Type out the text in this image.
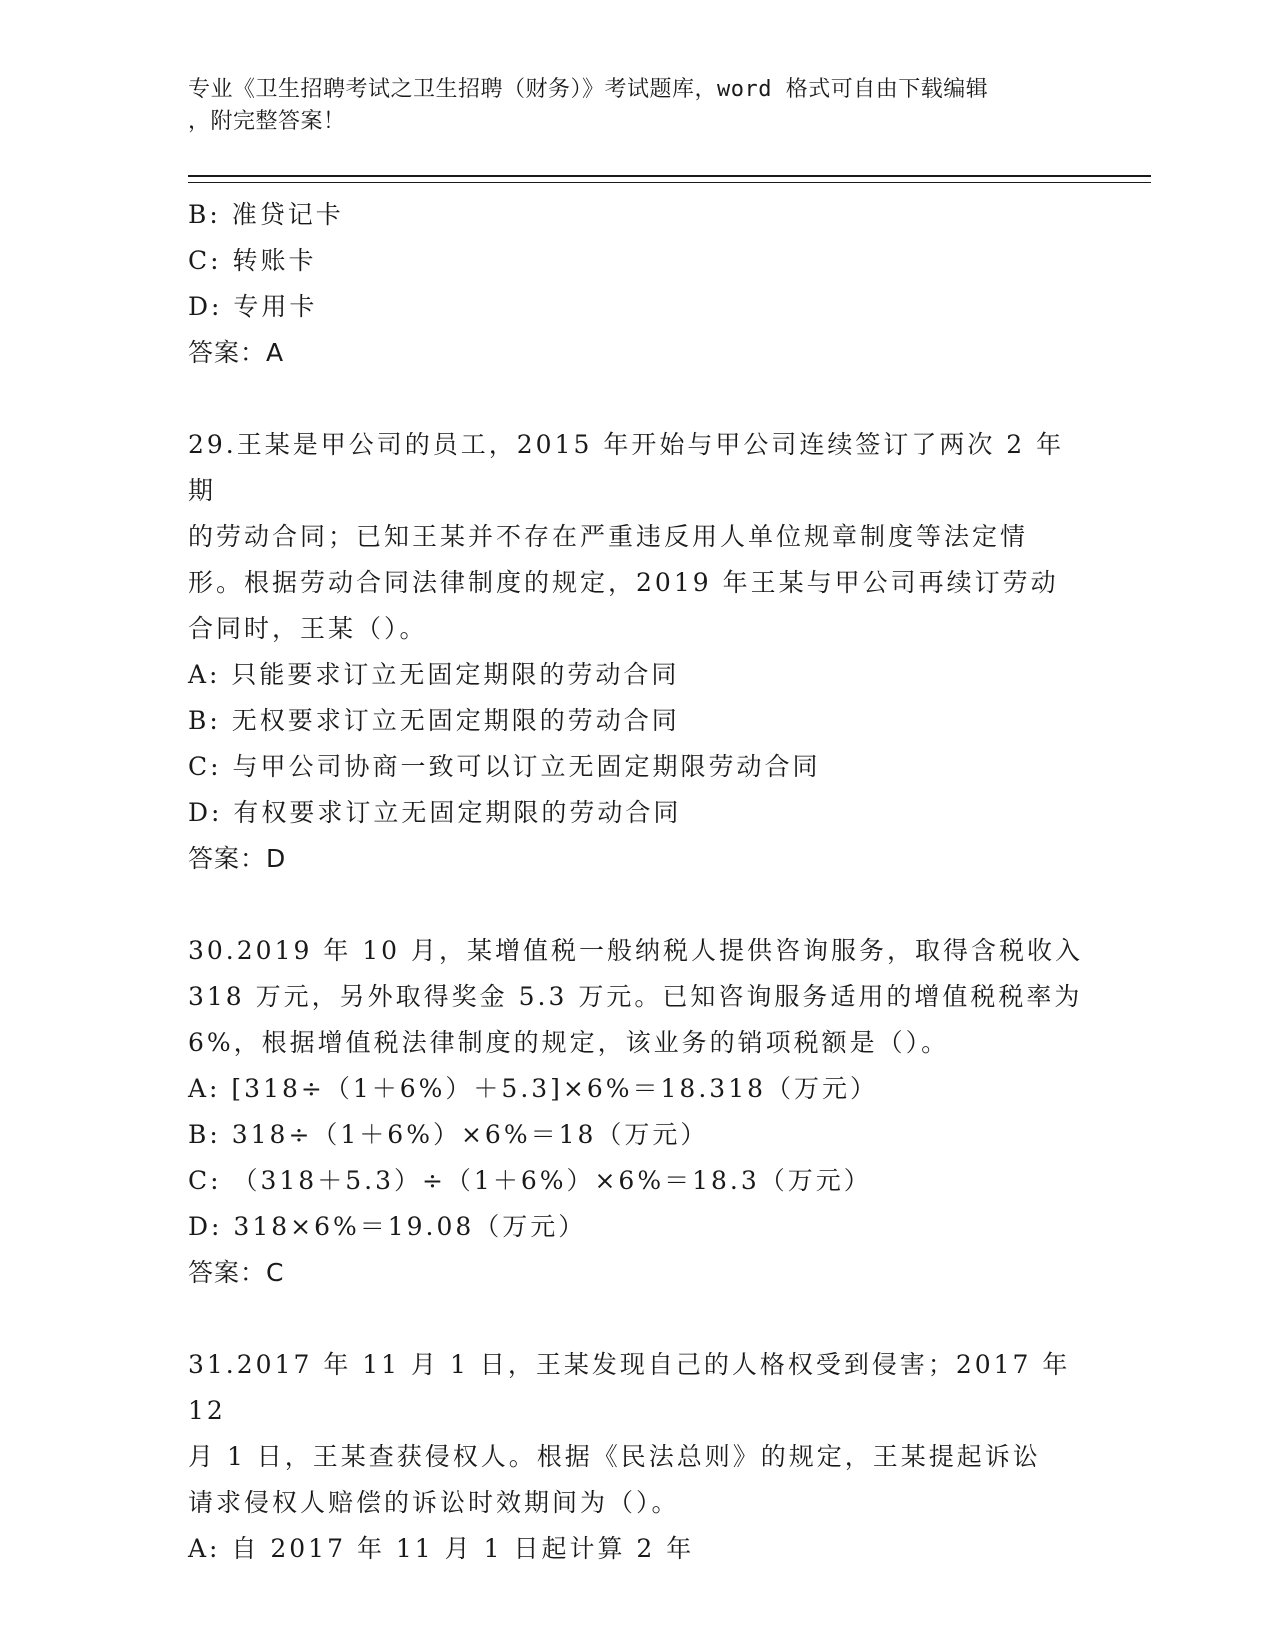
专业《卫生招聘考试之卫生招聘（财务）》考试题库，word 格式可自由下载编辑
，附完整答案！
B: 准贷记卡
C: 转账卡
D: 专用卡
答案：A
29.王某是甲公司的员工，2015 年开始与甲公司连续签订了两次 2 年期
的劳动合同；已知王某并不存在严重违反用人单位规章制度等法定情
形。根据劳动合同法律制度的规定，2019 年王某与甲公司再续订劳动
合同时，王某（）。
A: 只能要求订立无固定期限的劳动合同
B: 无权要求订立无固定期限的劳动合同
C: 与甲公司协商一致可以订立无固定期限劳动合同
D: 有权要求订立无固定期限的劳动合同
答案：D
30.2019 年 10 月，某增值税一般纳税人提供咨询服务，取得含税收入
318 万元，另外取得奖金 5.3 万元。已知咨询服务适用的增值税税率为
6%，根据增值税法律制度的规定，该业务的销项税额是（）。
A: [318÷（1＋6%）＋5.3]×6%＝18.318（万元）
B: 318÷（1＋6%）×6%＝18（万元）
C: （318＋5.3）÷（1＋6%）×6%＝18.3（万元）
D: 318×6%＝19.08（万元）
答案：C
31.2017 年 11 月 1 日，王某发现自己的人格权受到侵害；2017 年 12
月 1 日，王某查获侵权人。根据《民法总则》的规定，王某提起诉讼
请求侵权人赔偿的诉讼时效期间为（）。
A: 自 2017 年 11 月 1 日起计算 2 年
